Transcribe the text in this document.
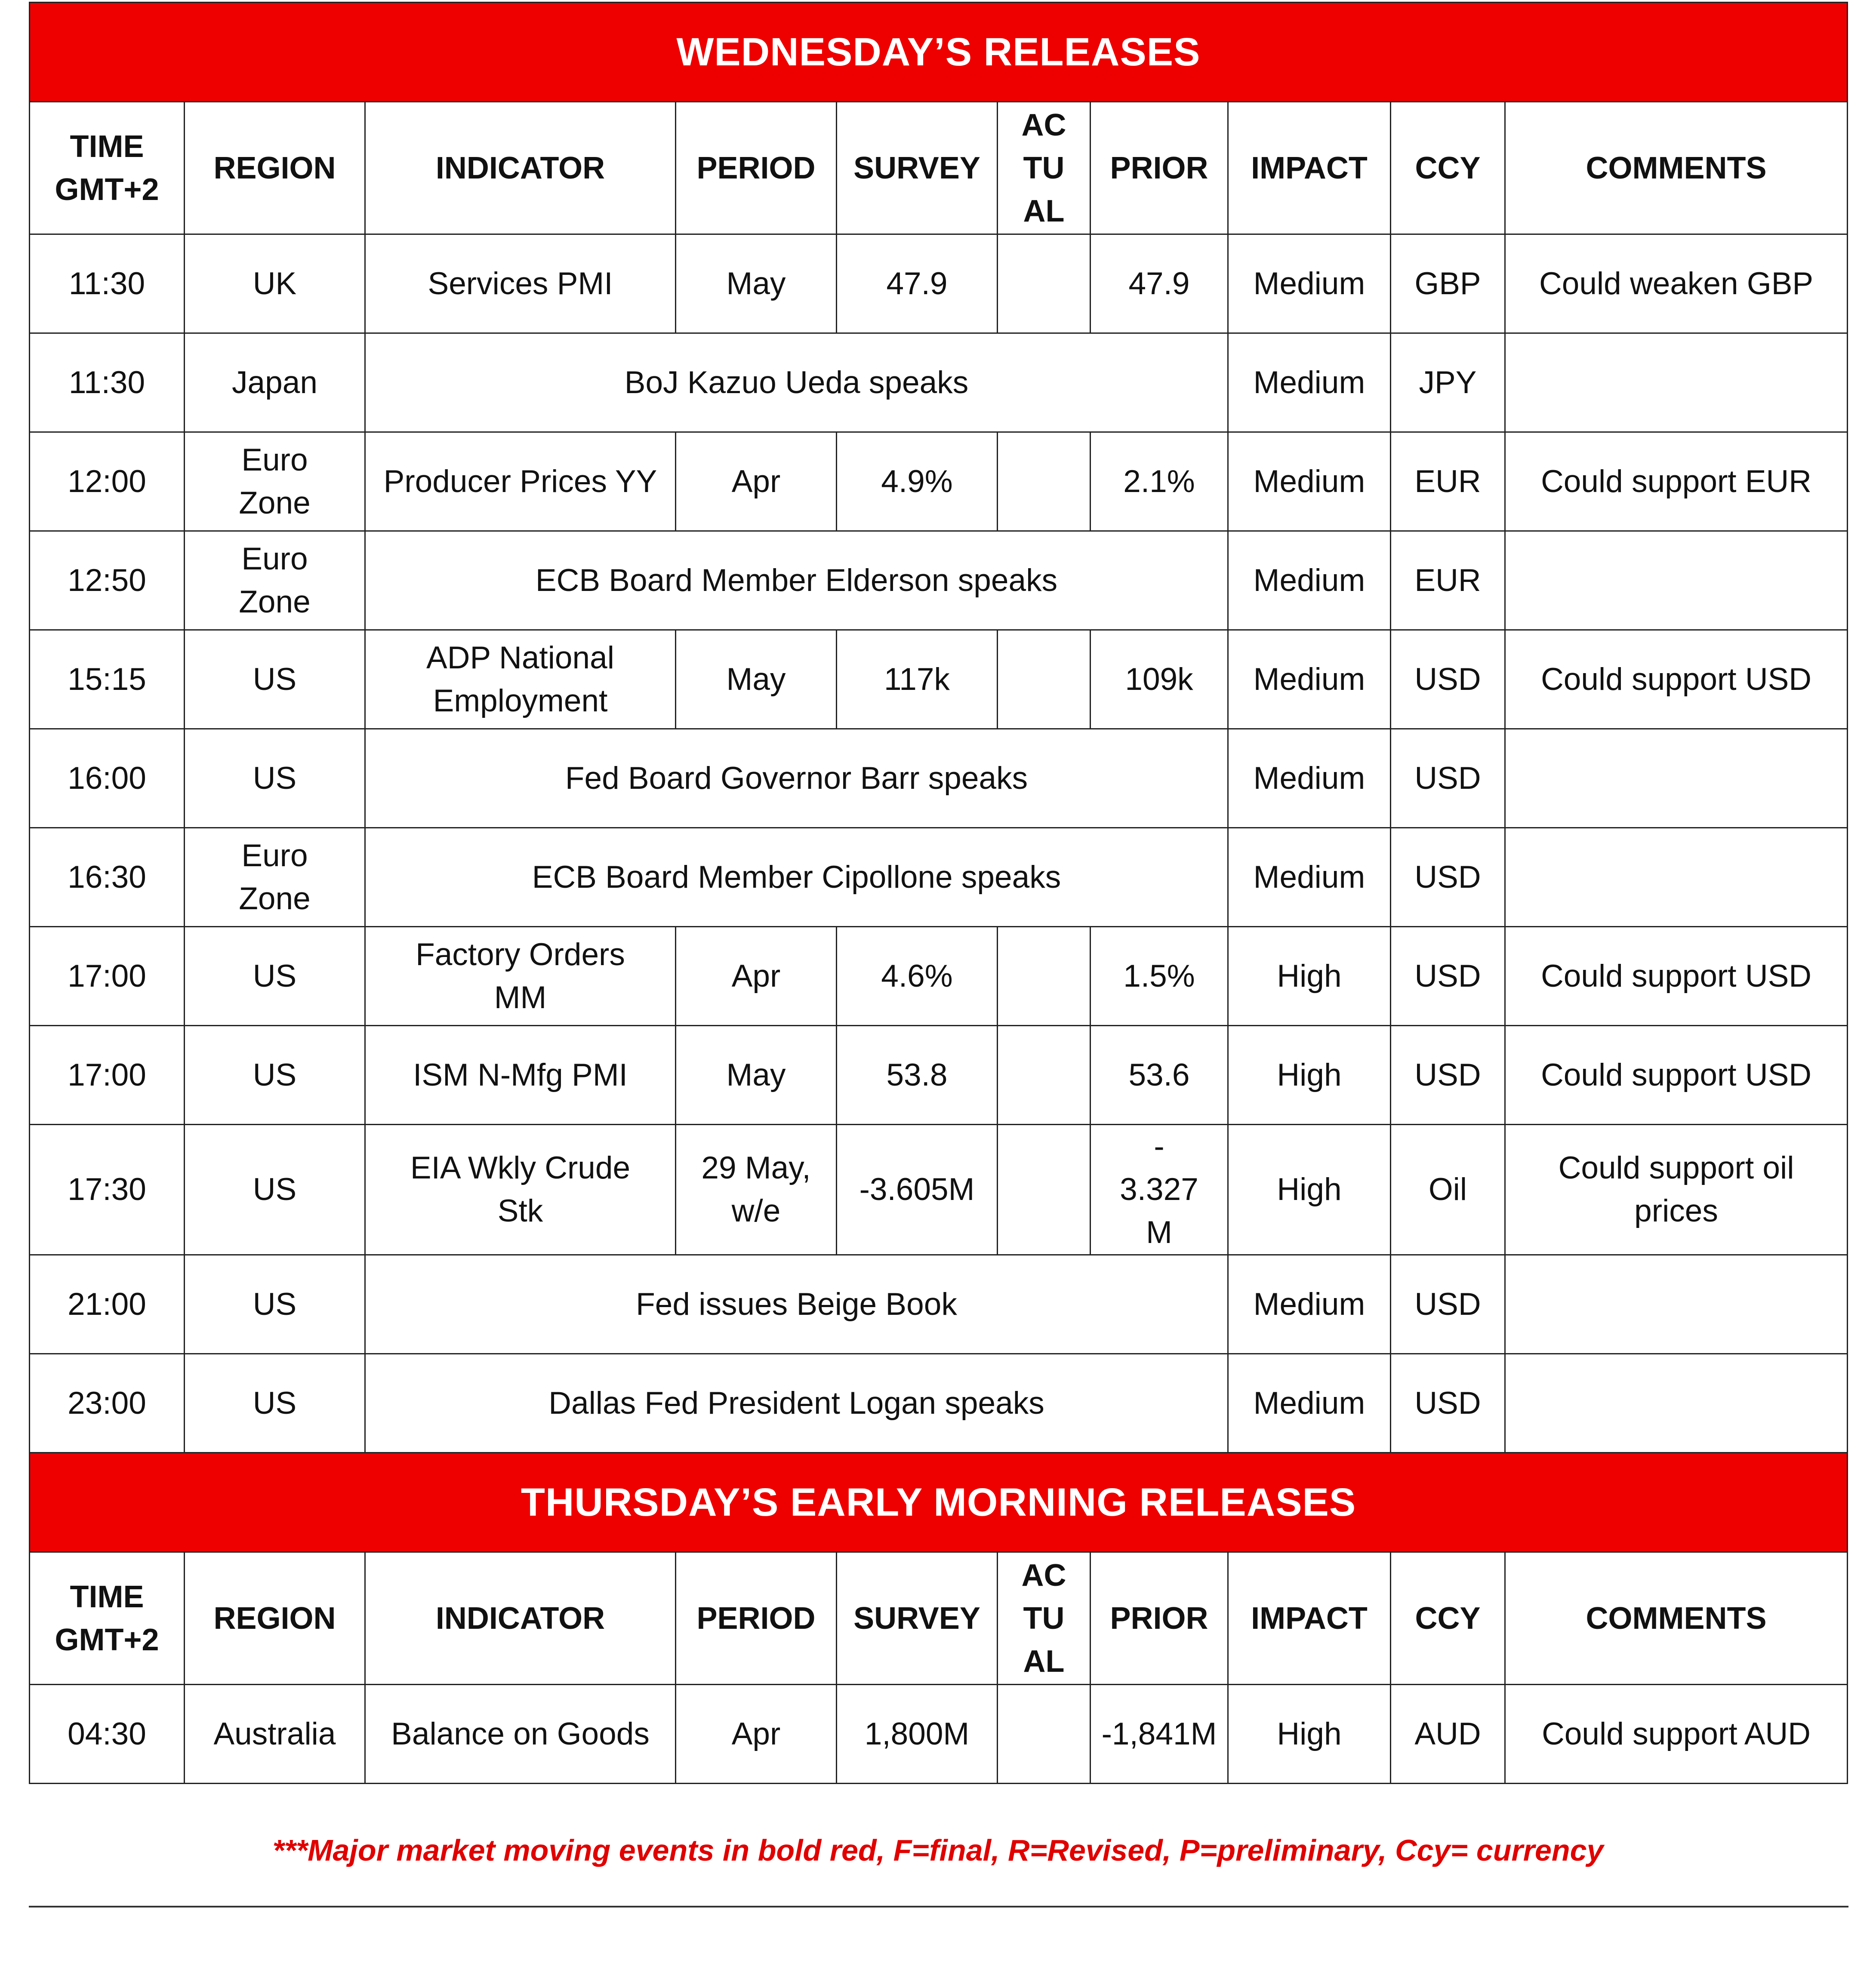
WEDNESDAY’S RELEASES									
TIME
GMT+2	REGION	INDICATOR	PERIOD	SURVEY	AC
TU
AL	PRIOR	IMPACT	CCY	COMMENTS
11:30	UK	Services PMI	May	47.9		47.9	Medium	GBP	Could weaken GBP
11:30	Japan	BoJ Kazuo Ueda speaks					Medium	JPY	
12:00	Euro
Zone	Producer Prices YY	Apr	4.9%		2.1%	Medium	EUR	Could support EUR
12:50	Euro
Zone	ECB Board Member Elderson speaks					Medium	EUR	
15:15	US	ADP National
Employment	May	117k		109k	Medium	USD	Could support USD
16:00	US	Fed Board Governor Barr speaks					Medium	USD	
16:30	Euro
Zone	ECB Board Member Cipollone speaks					Medium	USD	
17:00	US	Factory Orders
MM	Apr	4.6%		1.5%	High	USD	Could support USD
17:00	US	ISM N-Mfg PMI	May	53.8		53.6	High	USD	Could support USD
17:30	US	EIA Wkly Crude
Stk	29 May,
w/e	-3.605M		-
3.327
M	High	Oil	Could support oil
prices
21:00	US	Fed issues Beige Book					Medium	USD	
23:00	US	Dallas Fed President Logan speaks					Medium	USD	
THURSDAY’S EARLY MORNING RELEASES									
TIME
GMT+2	REGION	INDICATOR	PERIOD	SURVEY	AC
TU
AL	PRIOR	IMPACT	CCY	COMMENTS
04:30	Australia	Balance on Goods	Apr	1,800M		-1,841M	High	AUD	Could support AUD
***Major market moving events in bold red, F=final, R=Revised, P=preliminary, Ccy= currency
